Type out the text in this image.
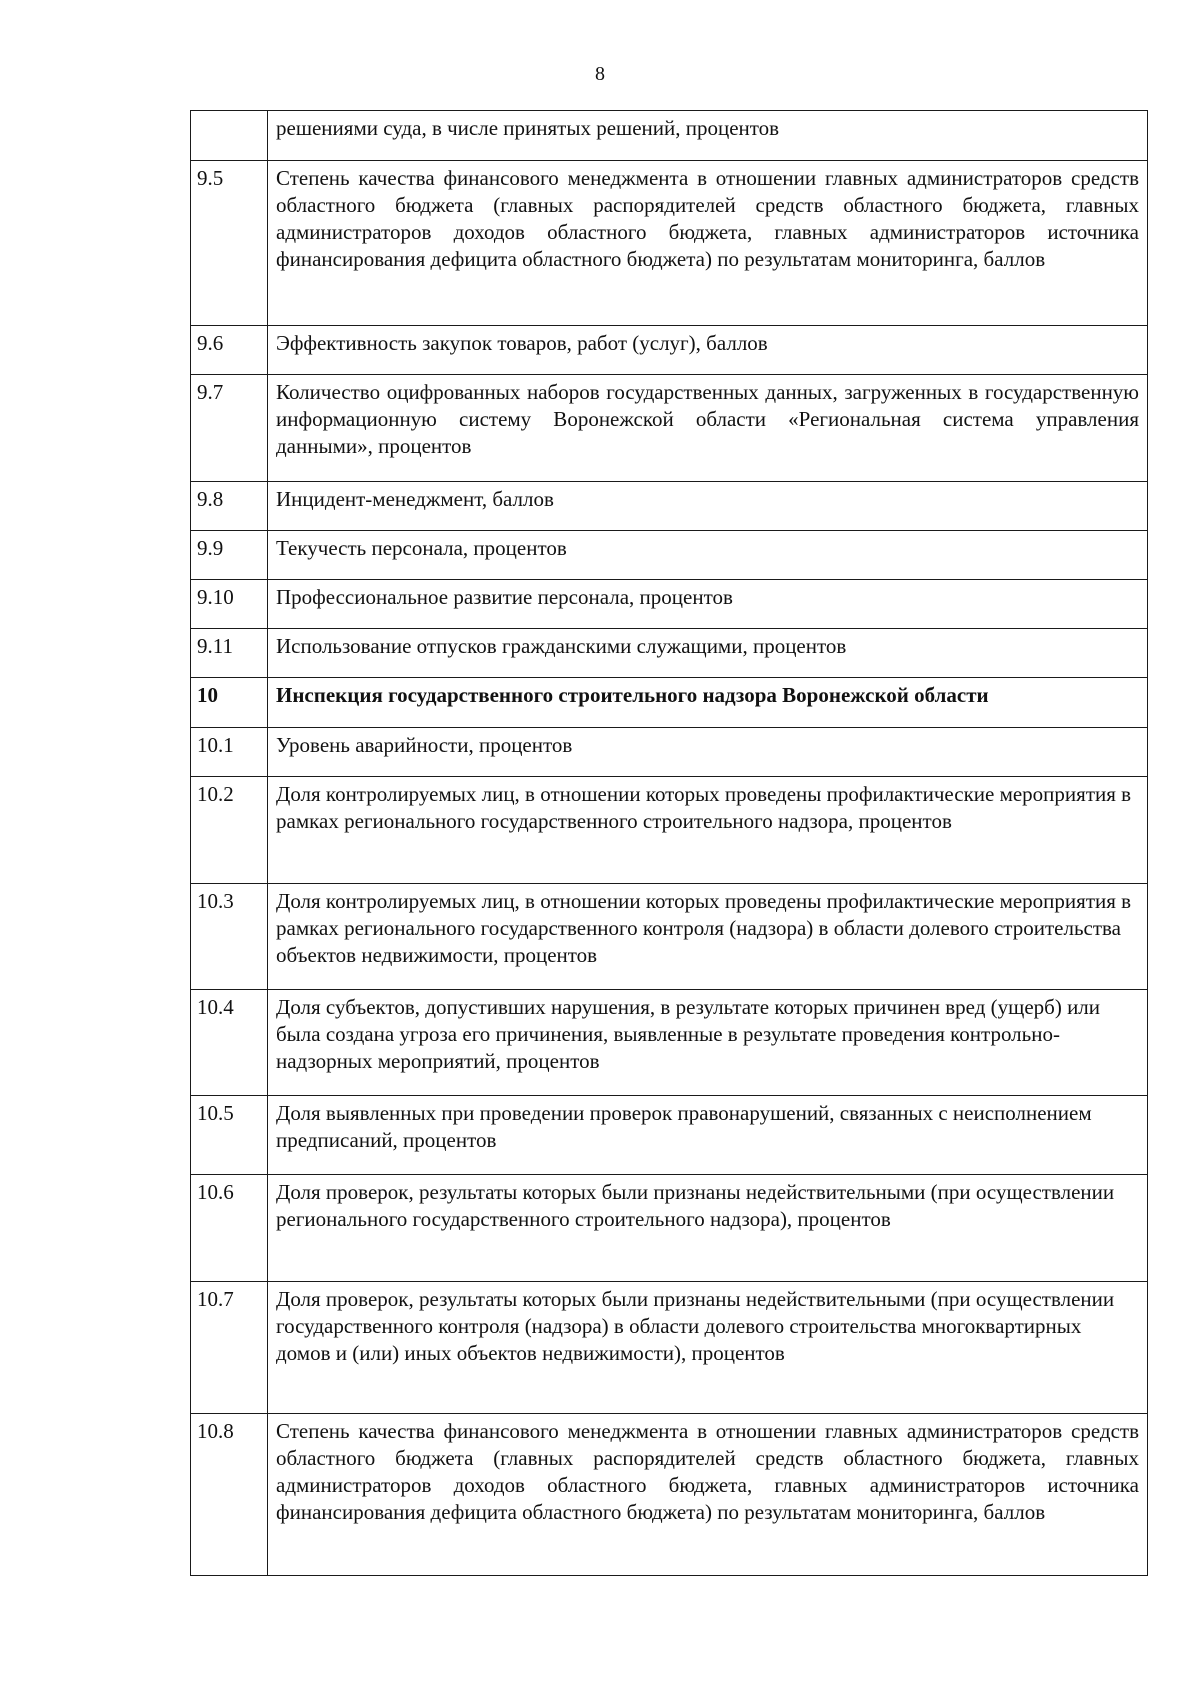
8
	решениями суда, в числе принятых решений, процентов
9.5	Степень качества финансового менеджмента в отношении главных администраторов средств областного бюджета (главных распорядителей средств областного бюджета, главных администраторов доходов областного бюджета, главных администраторов источника финансирования дефицита областного бюджета) по результатам мониторинга, баллов
9.6	Эффективность закупок товаров, работ (услуг), баллов
9.7	Количество оцифрованных наборов государственных данных, загруженных в государственную информационную систему Воронежской области «Региональная система управления данными», процентов
9.8	Инцидент-менеджмент, баллов
9.9	Текучесть персонала, процентов
9.10	Профессиональное развитие персонала, процентов
9.11	Использование отпусков гражданскими служащими, процентов
10	Инспекция государственного строительного надзора Воронежской области
10.1	Уровень аварийности, процентов
10.2	Доля контролируемых лиц, в отношении которых проведены профилактические мероприятия в рамках регионального государственного строительного надзора, процентов
10.3	Доля контролируемых лиц, в отношении которых проведены профилактические мероприятия в рамках регионального государственного контроля (надзора) в области долевого строительства объектов недвижимости, процентов
10.4	Доля субъектов, допустивших нарушения, в результате которых причинен вред (ущерб) или была создана угроза его причинения, выявленные в результате проведения контрольно-надзорных мероприятий, процентов
10.5	Доля выявленных при проведении проверок правонарушений, связанных с неисполнением предписаний, процентов
10.6	Доля проверок, результаты которых были признаны недействительными (при осуществлении регионального государственного строительного надзора), процентов
10.7	Доля проверок, результаты которых были признаны недействительными (при осуществлении государственного контроля (надзора) в области долевого строительства многоквартирных домов и (или) иных объектов недвижимости), процентов
10.8	Степень качества финансового менеджмента в отношении главных администраторов средств областного бюджета (главных распорядителей средств областного бюджета, главных администраторов доходов областного бюджета, главных администраторов источника финансирования дефицита областного бюджета) по результатам мониторинга, баллов
